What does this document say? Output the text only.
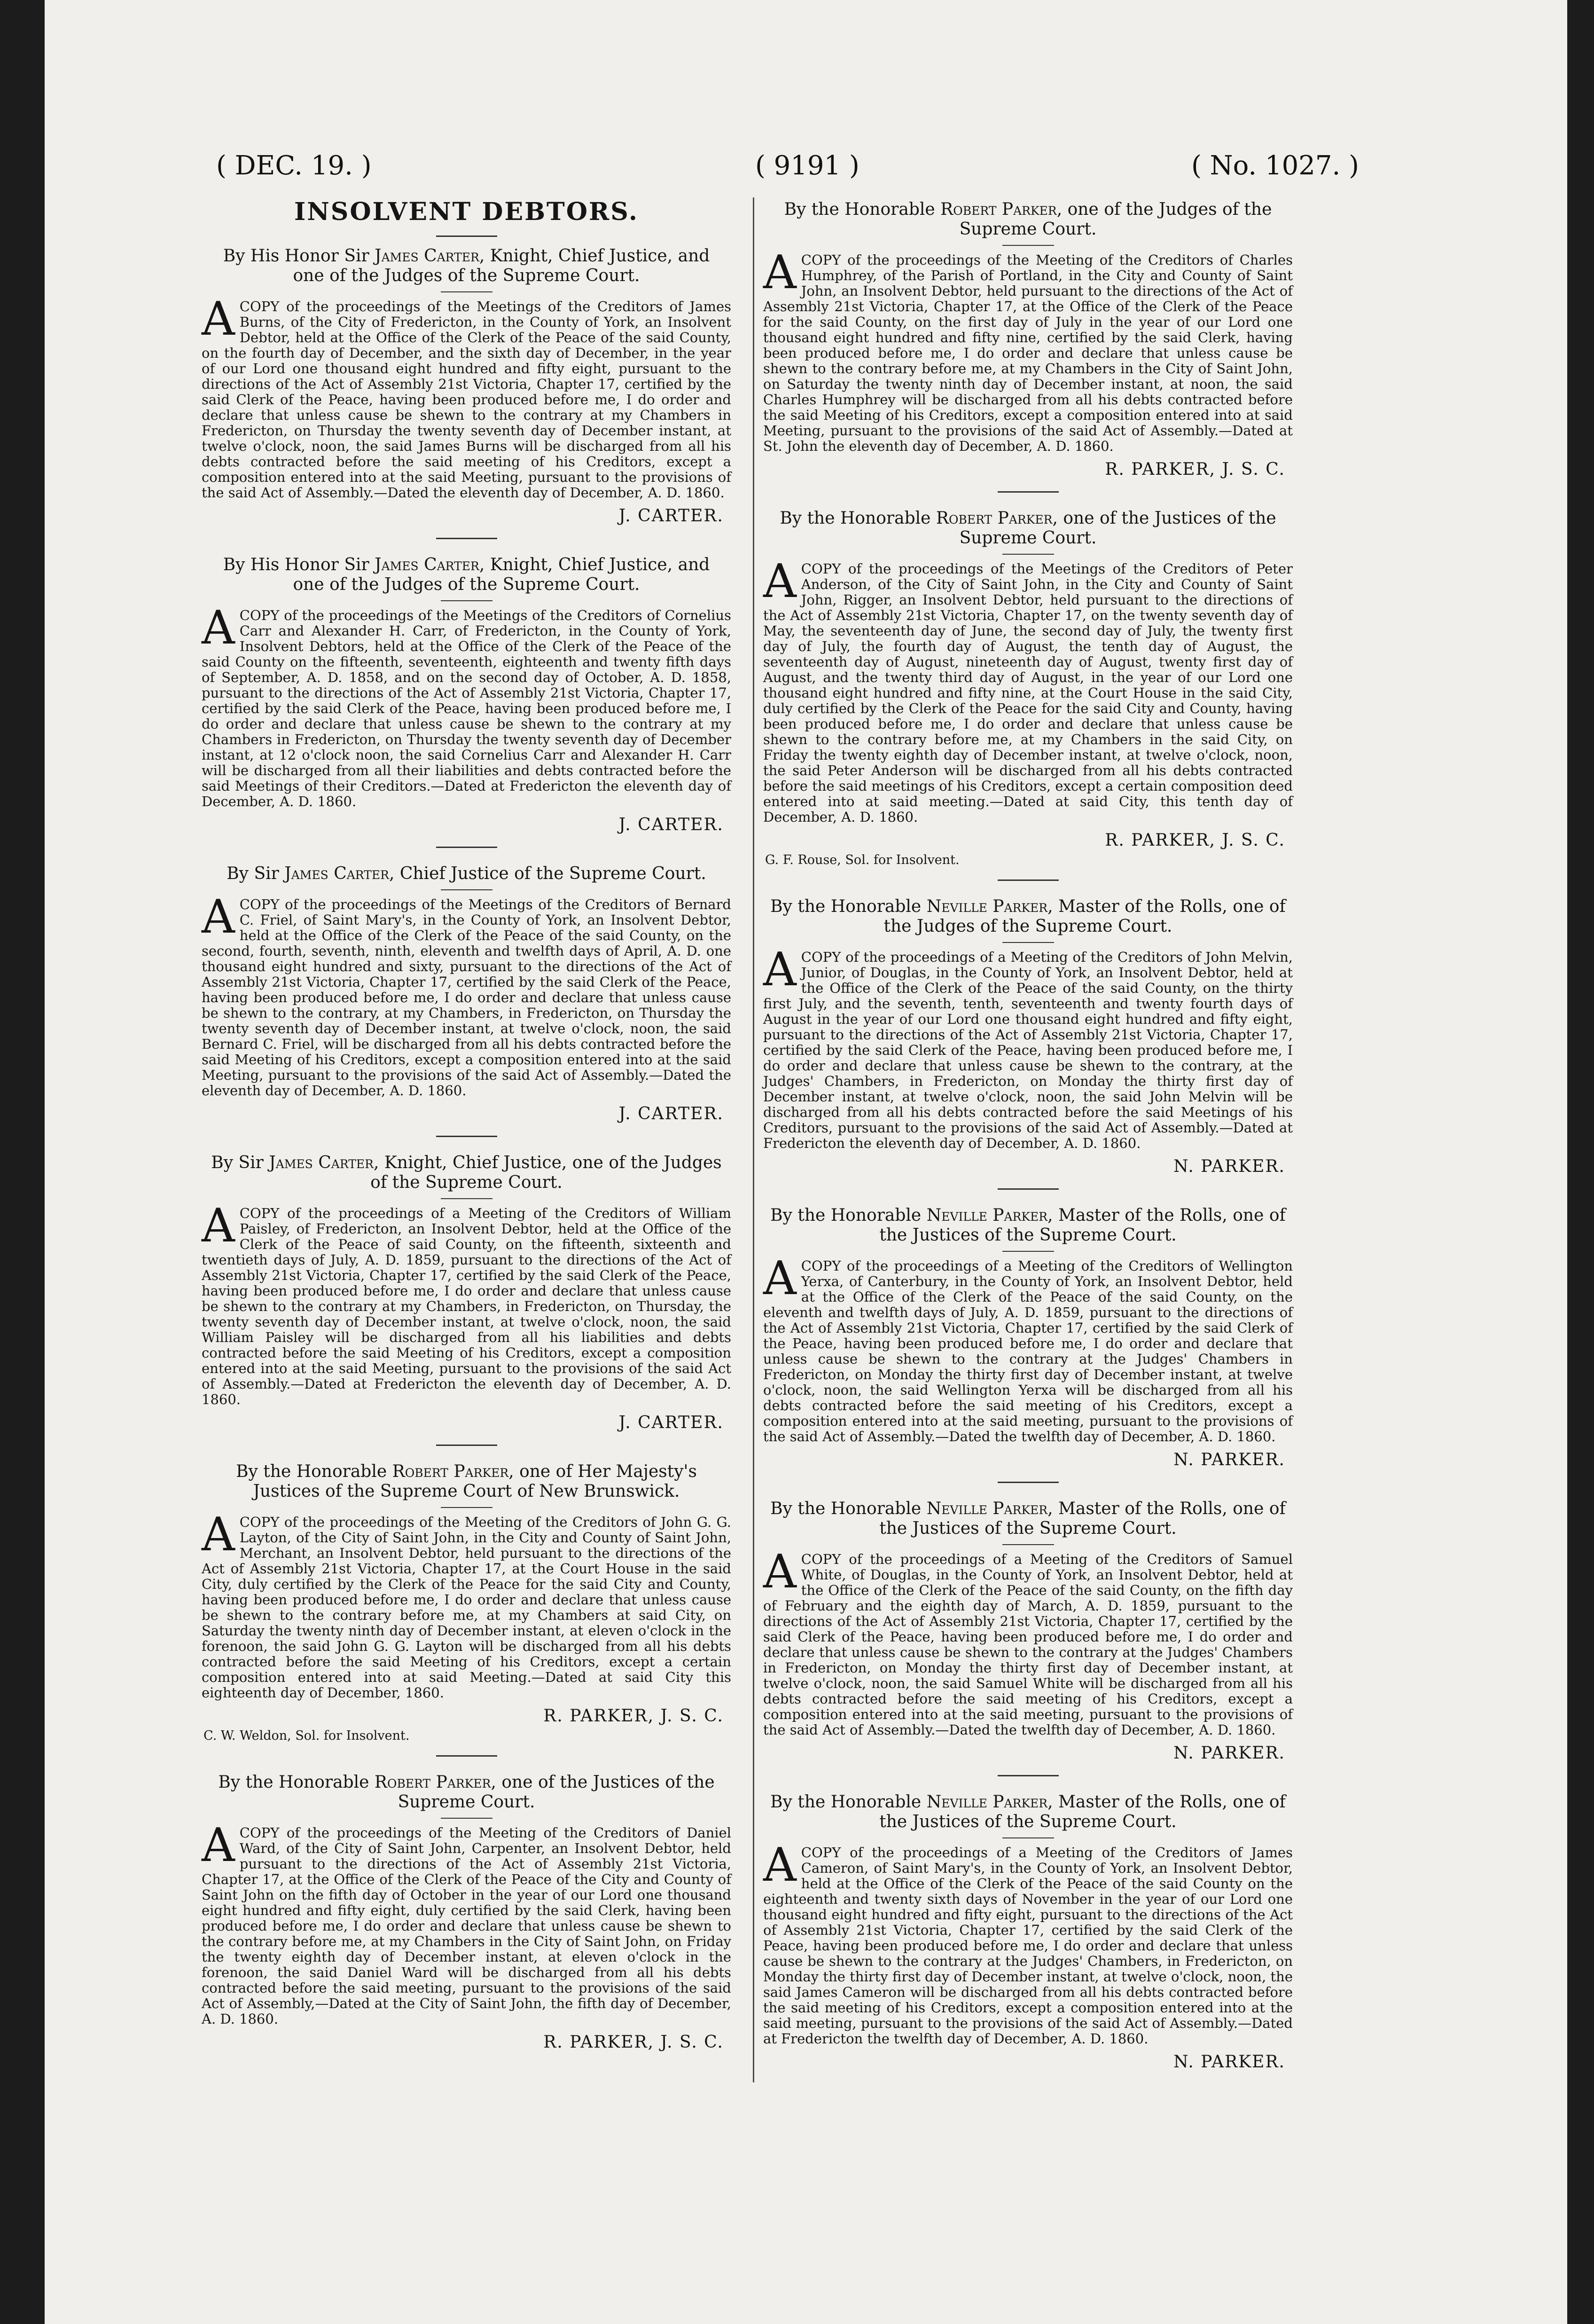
( DEC. 19. )	( 9191 )	( No. 1027. )
INSOLVENT DEBTORS.
By His Honor Sir James Carter, Knight, Chief Justice, and one of the Judges of the Supreme Court.

ACOPY of the proceedings of the Meetings of the Creditors of James Burns, of the City of Fredericton, in the County of York, an Insolvent Debtor, held at the Office of the Clerk of the Peace of the said County, on the fourth day of December, and the sixth day of December, in the year of our Lord one thousand eight hundred and fifty eight, pursuant to the directions of the Act of Assembly 21st Victoria, Chapter 17, certified by the said Clerk of the Peace, having been produced before me, I do order and declare that unless cause be shewn to the contrary at my Chambers in Fredericton, on Thursday the twenty seventh day of December instant, at twelve o'clock, noon, the said James Burns will be discharged from all his debts contracted before the said meeting of his Creditors, except a composition entered into at the said Meeting, pursuant to the provisions of the said Act of Assembly.—Dated the eleventh day of December, A. D. 1860.

J. CARTER.
By His Honor Sir James Carter, Knight, Chief Justice, and one of the Judges of the Supreme Court.

ACOPY of the proceedings of the Meetings of the Creditors of Cornelius Carr and Alexander H. Carr, of Fredericton, in the County of York, Insolvent Debtors, held at the Office of the Clerk of the Peace of the said County on the fifteenth, seventeenth, eighteenth and twenty fifth days of September, A. D. 1858, and on the second day of October, A. D. 1858, pursuant to the directions of the Act of Assembly 21st Victoria, Chapter 17, certified by the said Clerk of the Peace, having been produced before me, I do order and declare that unless cause be shewn to the contrary at my Chambers in Fredericton, on Thursday the twenty seventh day of December instant, at 12 o'clock noon, the said Cornelius Carr and Alexander H. Carr will be discharged from all their liabilities and debts contracted before the said Meetings of their Creditors.—Dated at Fredericton the eleventh day of December, A. D. 1860.

J. CARTER.
By Sir James Carter, Chief Justice of the Supreme Court.

ACOPY of the proceedings of the Meetings of the Creditors of Bernard C. Friel, of Saint Mary's, in the County of York, an Insolvent Debtor, held at the Office of the Clerk of the Peace of the said County, on the second, fourth, seventh, ninth, eleventh and twelfth days of April, A. D. one thousand eight hundred and sixty, pursuant to the directions of the Act of Assembly 21st Victoria, Chapter 17, certified by the said Clerk of the Peace, having been produced before me, I do order and declare that unless cause be shewn to the contrary, at my Chambers, in Fredericton, on Thursday the twenty seventh day of December instant, at twelve o'clock, noon, the said Bernard C. Friel, will be discharged from all his debts contracted before the said Meeting of his Creditors, except a composition entered into at the said Meeting, pursuant to the provisions of the said Act of Assembly.—Dated the eleventh day of December, A. D. 1860.

J. CARTER.
By Sir James Carter, Knight, Chief Justice, one of the Judges of the Supreme Court.

ACOPY of the proceedings of a Meeting of the Creditors of William Paisley, of Fredericton, an Insolvent Debtor, held at the Office of the Clerk of the Peace of said County, on the fifteenth, sixteenth and twentieth days of July, A. D. 1859, pursuant to the directions of the Act of Assembly 21st Victoria, Chapter 17, certified by the said Clerk of the Peace, having been produced before me, I do order and declare that unless cause be shewn to the contrary at my Chambers, in Fredericton, on Thursday, the twenty seventh day of December instant, at twelve o'clock, noon, the said William Paisley will be discharged from all his liabilities and debts contracted before the said Meeting of his Creditors, except a composition entered into at the said Meeting, pursuant to the provisions of the said Act of Assembly.—Dated at Fredericton the eleventh day of December, A. D. 1860.

J. CARTER.
By the Honorable Robert Parker, one of Her Majesty's Justices of the Supreme Court of New Brunswick.

ACOPY of the proceedings of the Meeting of the Creditors of John G. G. Layton, of the City of Saint John, in the City and County of Saint John, Merchant, an Insolvent Debtor, held pursuant to the directions of the Act of Assembly 21st Victoria, Chapter 17, at the Court House in the said City, duly certified by the Clerk of the Peace for the said City and County, having been produced before me, I do order and declare that unless cause be shewn to the contrary before me, at my Chambers at said City, on Saturday the twenty ninth day of December instant, at eleven o'clock in the forenoon, the said John G. G. Layton will be discharged from all his debts contracted before the said Meeting of his Creditors, except a certain composition entered into at said Meeting.—Dated at said City this eighteenth day of December, 1860.

R. PARKER, J. S. C.
C. W. Weldon, Sol. for Insolvent.
By the Honorable Robert Parker, one of the Justices of the Supreme Court.

ACOPY of the proceedings of the Meeting of the Creditors of Daniel Ward, of the City of Saint John, Carpenter, an Insolvent Debtor, held pursuant to the directions of the Act of Assembly 21st Victoria, Chapter 17, at the Office of the Clerk of the Peace of the City and County of Saint John on the fifth day of October in the year of our Lord one thousand eight hundred and fifty eight, duly certified by the said Clerk, having been produced before me, I do order and declare that unless cause be shewn to the contrary before me, at my Chambers in the City of Saint John, on Friday the twenty eighth day of December instant, at eleven o'clock in the forenoon, the said Daniel Ward will be discharged from all his debts contracted before the said meeting, pursuant to the provisions of the said Act of Assembly,—Dated at the City of Saint John, the fifth day of December, A. D. 1860.

R. PARKER, J. S. C.
By the Honorable Robert Parker, one of the Judges of the Supreme Court.

ACOPY of the proceedings of the Meeting of the Creditors of Charles Humphrey, of the Parish of Portland, in the City and County of Saint John, an Insolvent Debtor, held pursuant to the directions of the Act of Assembly 21st Victoria, Chapter 17, at the Office of the Clerk of the Peace for the said County, on the first day of July in the year of our Lord one thousand eight hundred and fifty nine, certified by the said Clerk, having been produced before me, I do order and declare that unless cause be shewn to the contrary before me, at my Chambers in the City of Saint John, on Saturday the twenty ninth day of December instant, at noon, the said Charles Humphrey will be discharged from all his debts contracted before the said Meeting of his Creditors, except a composition entered into at said Meeting, pursuant to the provisions of the said Act of Assembly.—Dated at St. John the eleventh day of December, A. D. 1860.

R. PARKER, J. S. C.
By the Honorable Robert Parker, one of the Justices of the Supreme Court.

ACOPY of the proceedings of the Meetings of the Creditors of Peter Anderson, of the City of Saint John, in the City and County of Saint John, Rigger, an Insolvent Debtor, held pursuant to the directions of the Act of Assembly 21st Victoria, Chapter 17, on the twenty seventh day of May, the seventeenth day of June, the second day of July, the twenty first day of July, the fourth day of August, the tenth day of August, the seventeenth day of August, nineteenth day of August, twenty first day of August, and the twenty third day of August, in the year of our Lord one thousand eight hundred and fifty nine, at the Court House in the said City, duly certified by the Clerk of the Peace for the said City and County, having been produced before me, I do order and declare that unless cause be shewn to the contrary before me, at my Chambers in the said City, on Friday the twenty eighth day of December instant, at twelve o'clock, noon, the said Peter Anderson will be discharged from all his debts contracted before the said meetings of his Creditors, except a certain composition deed entered into at said meeting.—Dated at said City, this tenth day of December, A. D. 1860.

R. PARKER, J. S. C.
G. F. Rouse, Sol. for Insolvent.
By the Honorable Neville Parker, Master of the Rolls, one of the Judges of the Supreme Court.

ACOPY of the proceedings of a Meeting of the Creditors of John Melvin, Junior, of Douglas, in the County of York, an Insolvent Debtor, held at the Office of the Clerk of the Peace of the said County, on the thirty first July, and the seventh, tenth, seventeenth and twenty fourth days of August in the year of our Lord one thousand eight hundred and fifty eight, pursuant to the directions of the Act of Assembly 21st Victoria, Chapter 17, certified by the said Clerk of the Peace, having been produced before me, I do order and declare that unless cause be shewn to the contrary, at the Judges' Chambers, in Fredericton, on Monday the thirty first day of December instant, at twelve o'clock, noon, the said John Melvin will be discharged from all his debts contracted before the said Meetings of his Creditors, pursuant to the provisions of the said Act of Assembly.—Dated at Fredericton the eleventh day of December, A. D. 1860.

N. PARKER.
By the Honorable Neville Parker, Master of the Rolls, one of the Justices of the Supreme Court.

ACOPY of the proceedings of a Meeting of the Creditors of Wellington Yerxa, of Canterbury, in the County of York, an Insolvent Debtor, held at the Office of the Clerk of the Peace of the said County, on the eleventh and twelfth days of July, A. D. 1859, pursuant to the directions of the Act of Assembly 21st Victoria, Chapter 17, certified by the said Clerk of the Peace, having been produced before me, I do order and declare that unless cause be shewn to the contrary at the Judges' Chambers in Fredericton, on Monday the thirty first day of December instant, at twelve o'clock, noon, the said Wellington Yerxa will be discharged from all his debts contracted before the said meeting of his Creditors, except a composition entered into at the said meeting, pursuant to the provisions of the said Act of Assembly.—Dated the twelfth day of December, A. D. 1860.

N. PARKER.
By the Honorable Neville Parker, Master of the Rolls, one of the Justices of the Supreme Court.

ACOPY of the proceedings of a Meeting of the Creditors of Samuel White, of Douglas, in the County of York, an Insolvent Debtor, held at the Office of the Clerk of the Peace of the said County, on the fifth day of February and the eighth day of March, A. D. 1859, pursuant to the directions of the Act of Assembly 21st Victoria, Chapter 17, certified by the said Clerk of the Peace, having been produced before me, I do order and declare that unless cause be shewn to the contrary at the Judges' Chambers in Fredericton, on Monday the thirty first day of December instant, at twelve o'clock, noon, the said Samuel White will be discharged from all his debts contracted before the said meeting of his Creditors, except a composition entered into at the said meeting, pursuant to the provisions of the said Act of Assembly.—Dated the twelfth day of December, A. D. 1860.

N. PARKER.
By the Honorable Neville Parker, Master of the Rolls, one of the Justices of the Supreme Court.

ACOPY of the proceedings of a Meeting of the Creditors of James Cameron, of Saint Mary's, in the County of York, an Insolvent Debtor, held at the Office of the Clerk of the Peace of the said County on the eighteenth and twenty sixth days of November in the year of our Lord one thousand eight hundred and fifty eight, pursuant to the directions of the Act of Assembly 21st Victoria, Chapter 17, certified by the said Clerk of the Peace, having been produced before me, I do order and declare that unless cause be shewn to the contrary at the Judges' Chambers, in Fredericton, on Monday the thirty first day of December instant, at twelve o'clock, noon, the said James Cameron will be discharged from all his debts contracted before the said meeting of his Creditors, except a composition entered into at the said meeting, pursuant to the provisions of the said Act of Assembly.—Dated at Fredericton the twelfth day of December, A. D. 1860.

N. PARKER.
